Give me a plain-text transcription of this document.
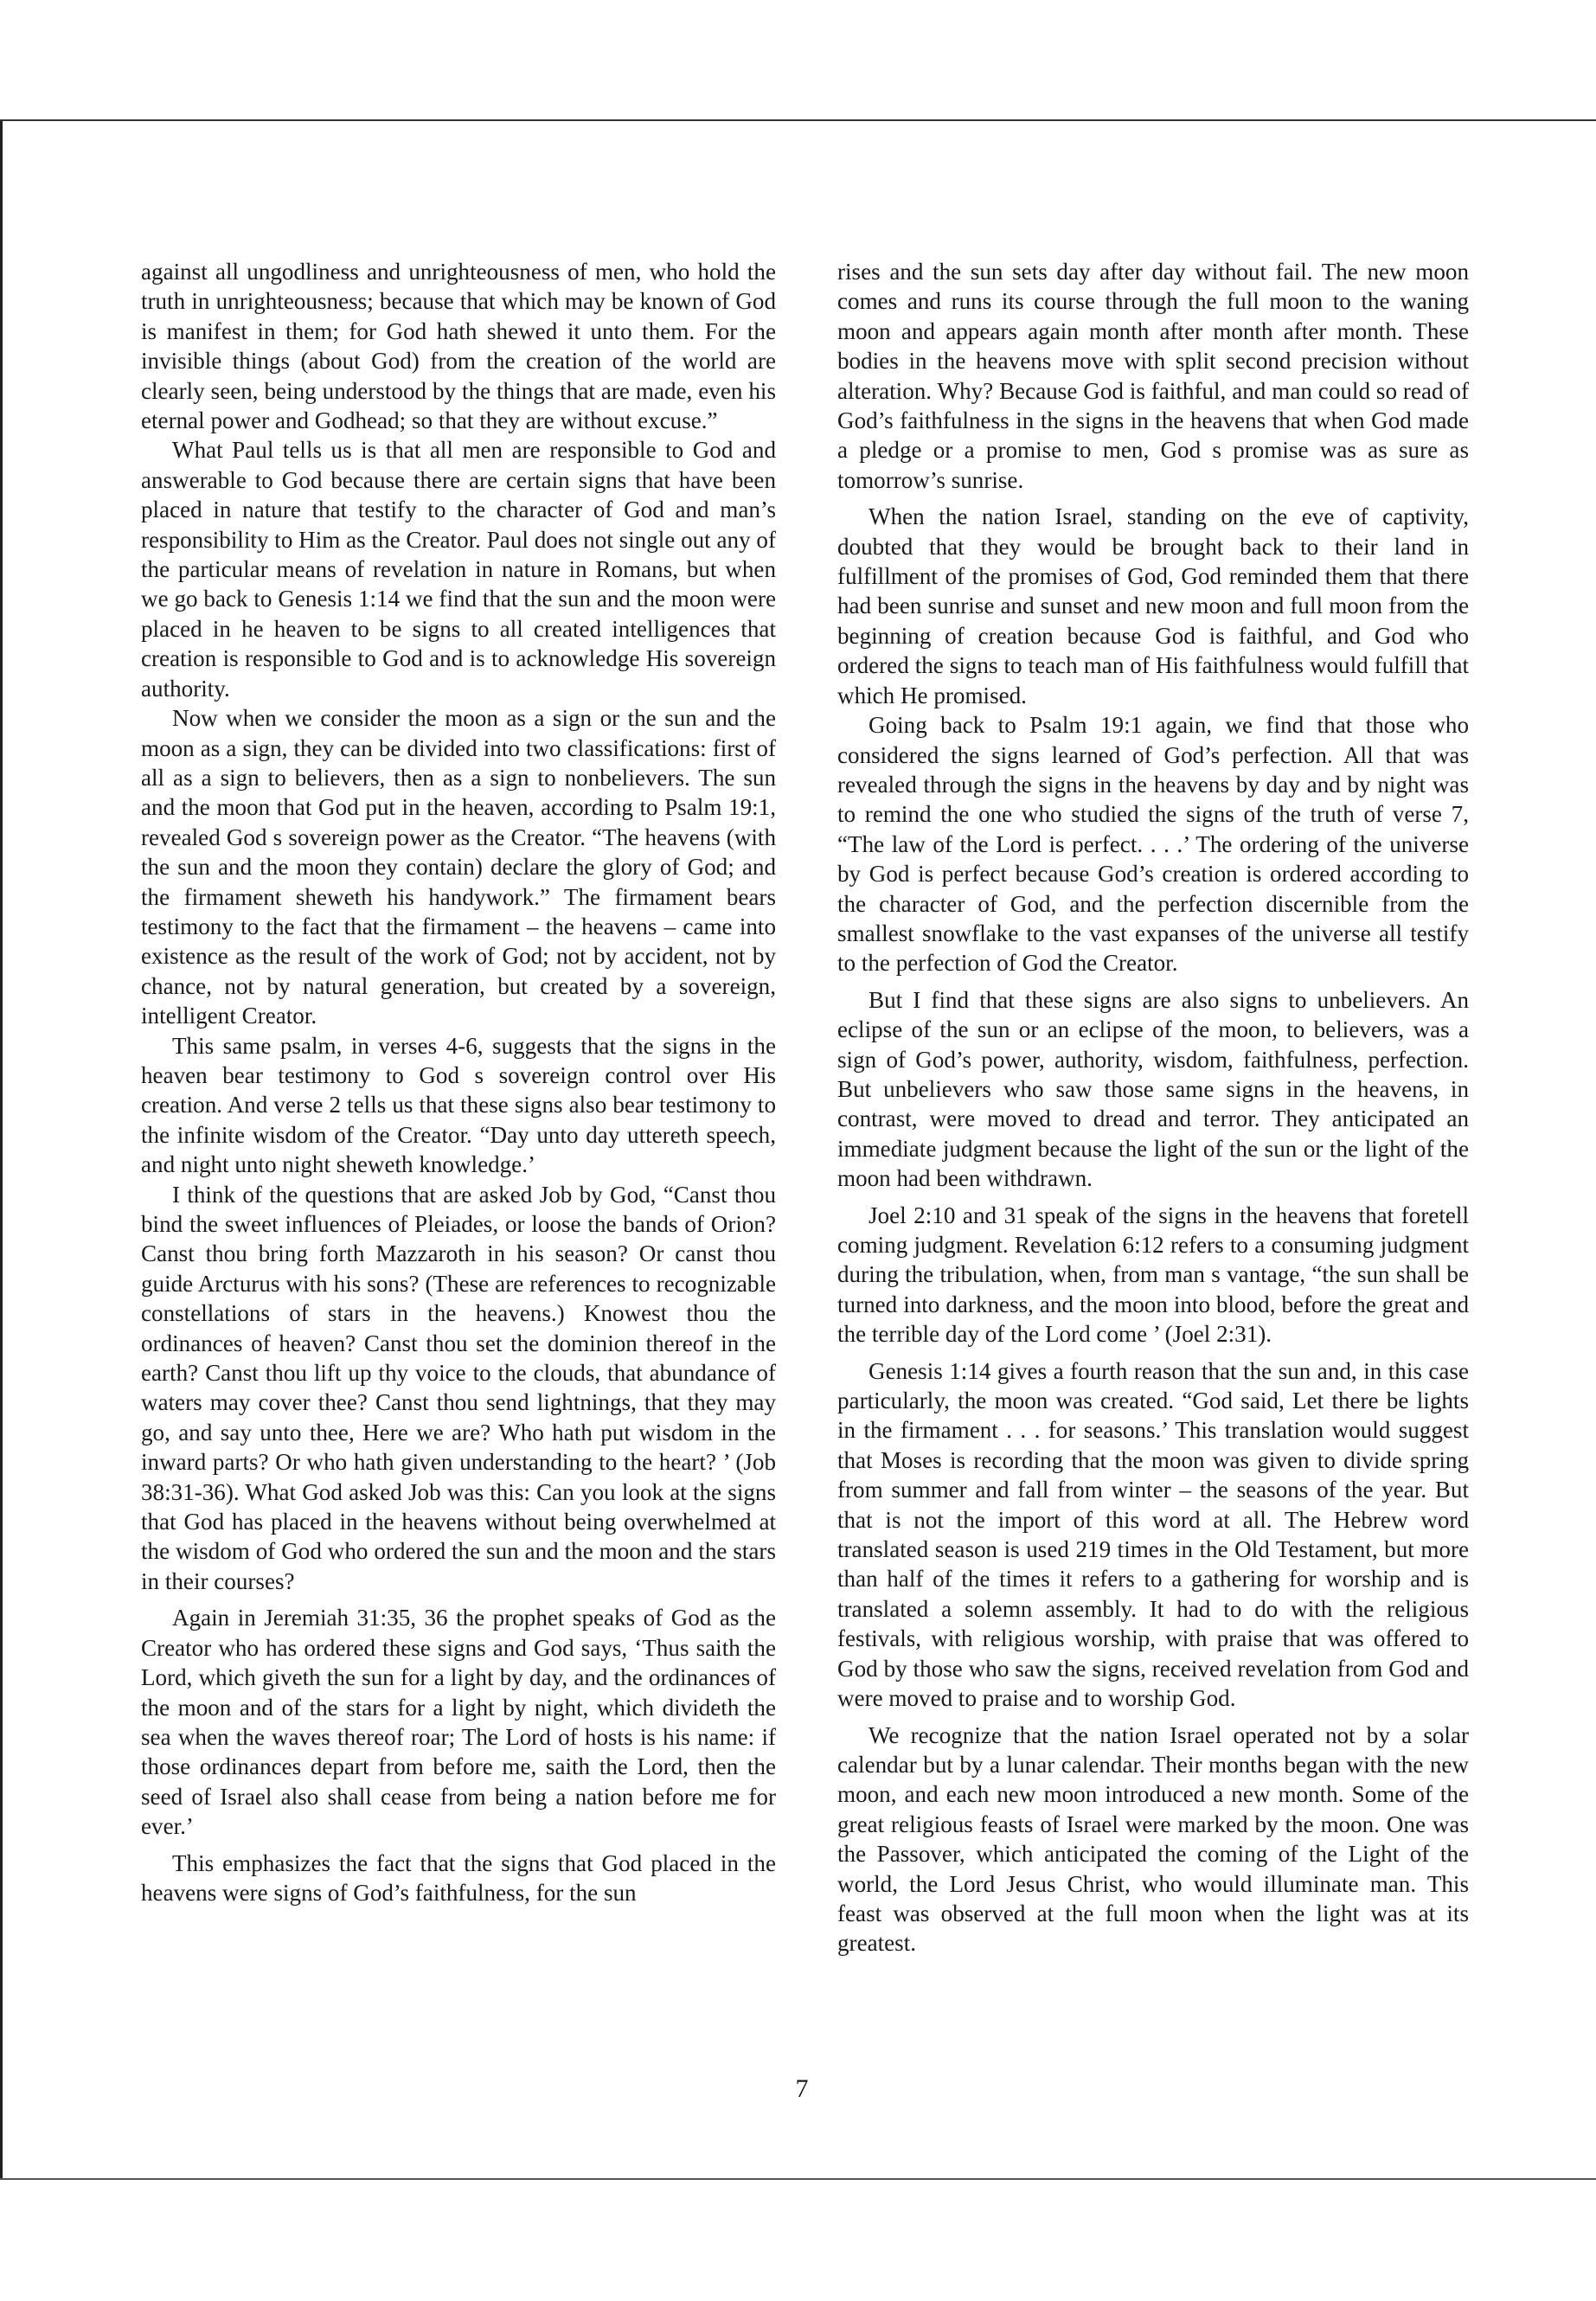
against all ungodliness and unrighteousness of men, who hold the truth in unrighteousness; because that which may be known of God is manifest in them; for God hath shewed it unto them. For the invisible things (about God) from the creation of the world are clearly seen, being understood by the things that are made, even his eternal power and Godhead; so that they are without excuse.”

What Paul tells us is that all men are responsible to God and answerable to God because there are certain signs that have been placed in nature that testify to the character of God and man’s responsibility to Him as the Creator. Paul does not single out any of the particular means of revelation in nature in Romans, but when we go back to Genesis 1:14 we find that the sun and the moon were placed in he heaven to be signs to all created intelligences that creation is responsible to God and is to acknowledge His sovereign authority.

Now when we consider the moon as a sign or the sun and the moon as a sign, they can be divided into two classifications: first of all as a sign to believers, then as a sign to nonbelievers. The sun and the moon that God put in the heaven, according to Psalm 19:1, revealed God s sovereign power as the Creator. “The heavens (with the sun and the moon they contain) declare the glory of God; and the firmament sheweth his handywork.” The firmament bears testimony to the fact that the firmament – the heavens – came into existence as the result of the work of God; not by accident, not by chance, not by natural generation, but created by a sovereign, intelligent Creator.

This same psalm, in verses 4-6, suggests that the signs in the heaven bear testimony to God s sovereign control over His creation. And verse 2 tells us that these signs also bear testimony to the infinite wisdom of the Creator. “Day unto day uttereth speech, and night unto night sheweth knowledge.’

I think of the questions that are asked Job by God, “Canst thou bind the sweet influences of Pleiades, or loose the bands of Orion? Canst thou bring forth Mazzaroth in his season? Or canst thou guide Arcturus with his sons? (These are references to recognizable constellations of stars in the heavens.) Knowest thou the ordinances of heaven? Canst thou set the dominion thereof in the earth? Canst thou lift up thy voice to the clouds, that abundance of waters may cover thee? Canst thou send lightnings, that they may go, and say unto thee, Here we are? Who hath put wisdom in the inward parts? Or who hath given understanding to the heart? ’ (Job 38:31-36). What God asked Job was this: Can you look at the signs that God has placed in the heavens without being overwhelmed at the wisdom of God who ordered the sun and the moon and the stars in their courses?

Again in Jeremiah 31:35, 36 the prophet speaks of God as the Creator who has ordered these signs and God says, ‘Thus saith the Lord, which giveth the sun for a light by day, and the ordinances of the moon and of the stars for a light by night, which divideth the sea when the waves thereof roar; The Lord of hosts is his name: if those ordinances depart from before me, saith the Lord, then the seed of Israel also shall cease from being a nation before me for ever.’

This emphasizes the fact that the signs that God placed in the heavens were signs of God’s faithfulness, for the sun

rises and the sun sets day after day without fail. The new moon comes and runs its course through the full moon to the waning moon and appears again month after month after month. These bodies in the heavens move with split second precision without alteration. Why? Because God is faithful, and man could so read of God’s faithfulness in the signs in the heavens that when God made a pledge or a promise to men, God s promise was as sure as tomorrow’s sunrise.

When the nation Israel, standing on the eve of captivity, doubted that they would be brought back to their land in fulfillment of the promises of God, God reminded them that there had been sunrise and sunset and new moon and full moon from the beginning of creation because God is faithful, and God who ordered the signs to teach man of His faithfulness would fulfill that which He promised.

Going back to Psalm 19:1 again, we find that those who considered the signs learned of God’s perfection. All that was revealed through the signs in the heavens by day and by night was to remind the one who studied the signs of the truth of verse 7, “The law of the Lord is perfect. . . .’ The ordering of the universe by God is perfect because God’s creation is ordered according to the character of God, and the perfection discernible from the smallest snowflake to the vast expanses of the universe all testify to the perfection of God the Creator.

But I find that these signs are also signs to unbelievers. An eclipse of the sun or an eclipse of the moon, to believers, was a sign of God’s power, authority, wisdom, faithfulness, perfection. But unbelievers who saw those same signs in the heavens, in contrast, were moved to dread and terror. They anticipated an immediate judgment because the light of the sun or the light of the moon had been withdrawn.

Joel 2:10 and 31 speak of the signs in the heavens that foretell coming judgment. Revelation 6:12 refers to a consuming judgment during the tribulation, when, from man s vantage, “the sun shall be turned into darkness, and the moon into blood, before the great and the terrible day of the Lord come ’ (Joel 2:31).

Genesis 1:14 gives a fourth reason that the sun and, in this case particularly, the moon was created. “God said, Let there be lights in the firmament . . . for seasons.’ This translation would suggest that Moses is recording that the moon was given to divide spring from summer and fall from winter – the seasons of the year. But that is not the import of this word at all. The Hebrew word translated season is used 219 times in the Old Testament, but more than half of the times it refers to a gathering for worship and is translated a solemn assembly. It had to do with the religious festivals, with religious worship, with praise that was offered to God by those who saw the signs, received revelation from God and were moved to praise and to worship God.

We recognize that the nation Israel operated not by a solar calendar but by a lunar calendar. Their months began with the new moon, and each new moon introduced a new month. Some of the great religious feasts of Israel were marked by the moon. One was the Passover, which anticipated the coming of the Light of the world, the Lord Jesus Christ, who would illuminate man. This feast was observed at the full moon when the light was at its greatest.

7
